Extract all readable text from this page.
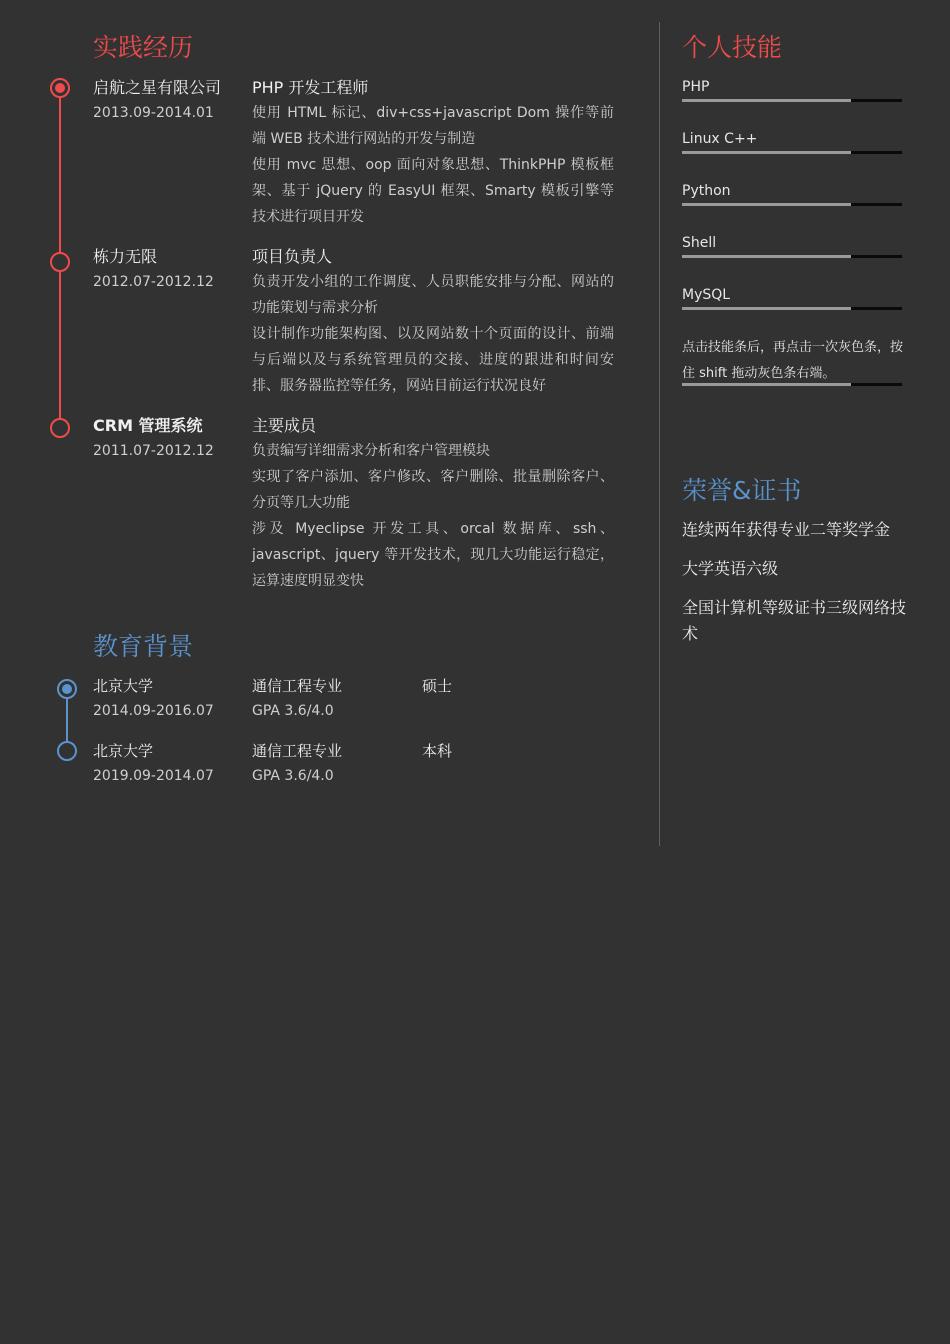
实践经历
启航之星有限公司
2013.09-2014.01
PHP 开发工程师

使用 HTML 标记、div+css+javascript Dom 操作等前端 WEB 技术进行网站的开发与制造

使用 mvc 思想、oop 面向对象思想、ThinkPHP 模板框架、基于 jQuery 的 EasyUI 框架、Smarty 模板引擎等技术进行项目开发

栋力无限
2012.07-2012.12
项目负责人

负责开发小组的工作调度、人员职能安排与分配、网站的功能策划与需求分析

设计制作功能架构图、以及网站数十个页面的设计、前端与后端以及与系统管理员的交接、进度的跟进和时间安排、服务器监控等任务，网站目前运行状况良好

CRM 管理系统
2011.07-2012.12
主要成员

负责编写详细需求分析和客户管理模块

实现了客户添加、客户修改、客户删除、批量删除客户、分页等几大功能

涉及 Myeclipse 开发工具、orcal 数据库、ssh、javascript、jquery 等开发技术，现几大功能运行稳定，运算速度明显变快

教育背景
北京大学
2014.09-2016.07
通信工程专业
GPA 3.6/4.0
硕士
北京大学
2019.09-2014.07
通信工程专业
GPA 3.6/4.0
本科
个人技能
PHP
Linux C++
Python
Shell
MySQL
点击技能条后，再点击一次灰色条，按住 shift 拖动灰色条右端。
荣誉&证书
连续两年获得专业二等奖学金
大学英语六级
全国计算机等级证书三级网络技术
